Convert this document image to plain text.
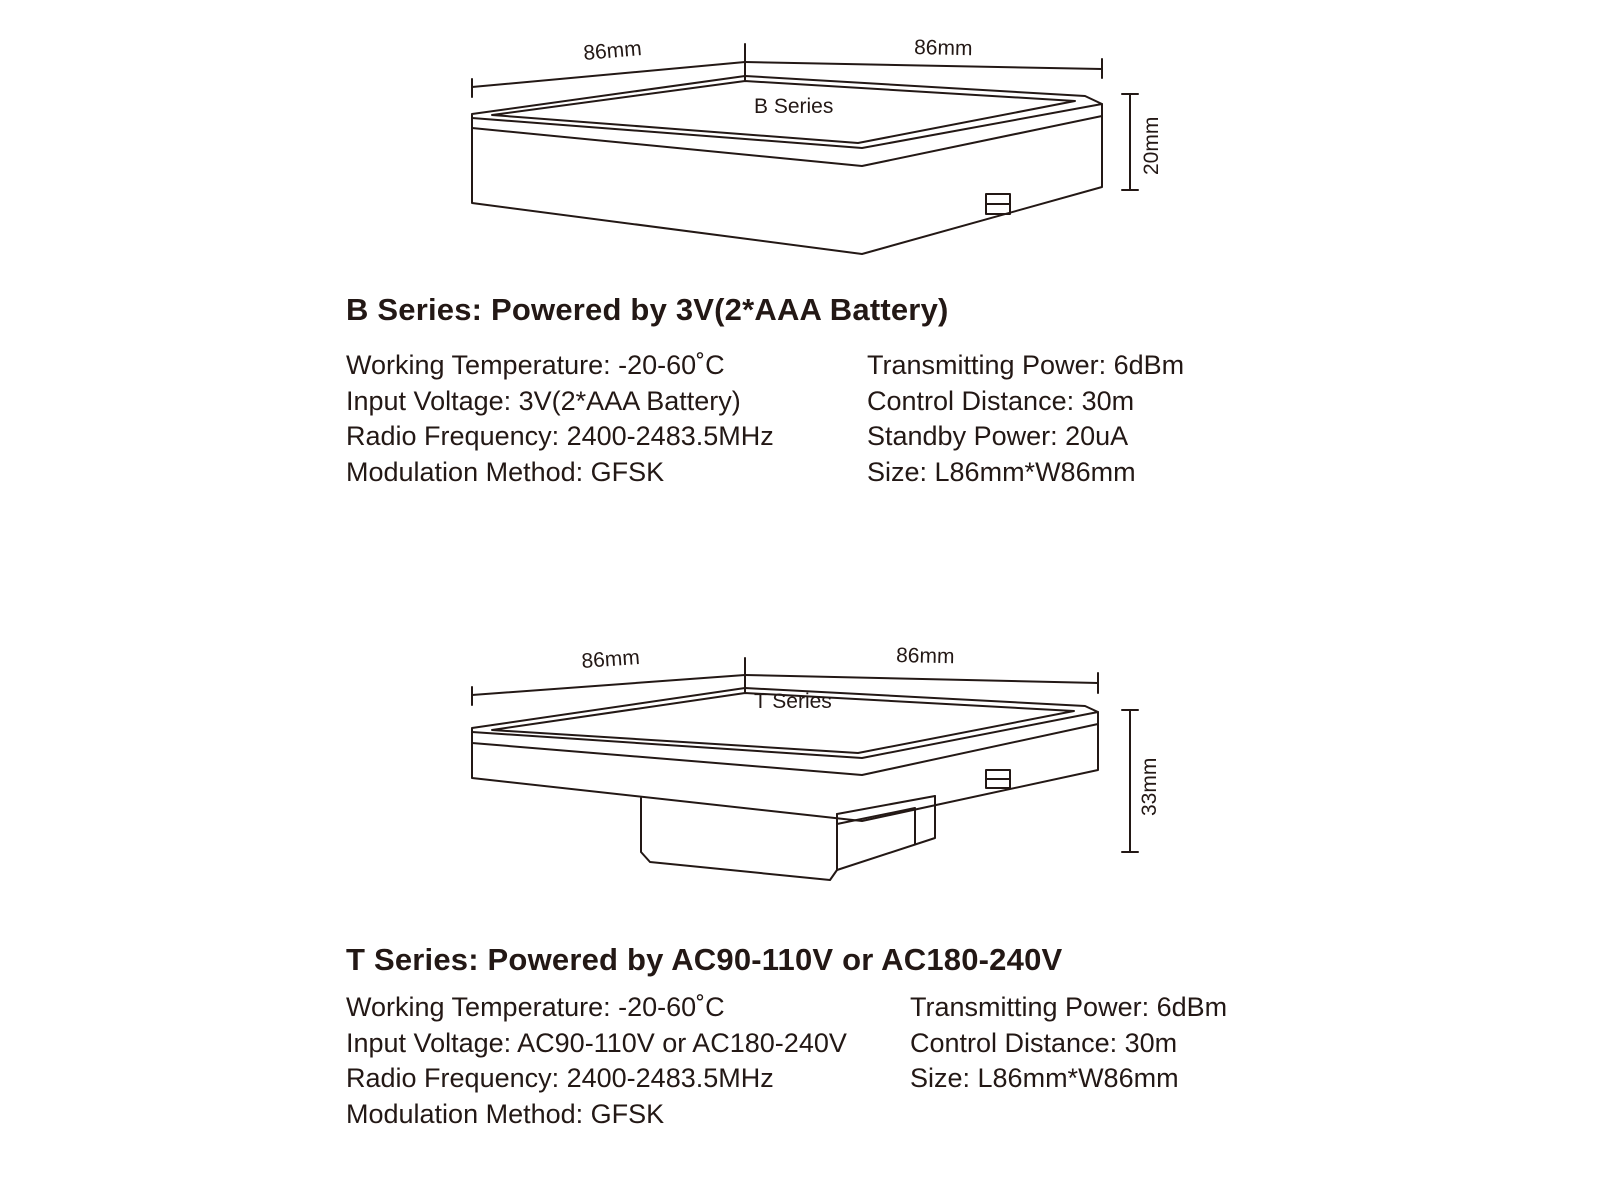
86mm	86mm
20mm
B Series
B Series: Powered by 3V(2*AAA Battery)
Working Temperature: -20-60˚C
Input Voltage: 3V(2*AAA Battery)
Radio Frequency: 2400-2483.5MHz
Modulation Method: GFSK
Transmitting Power: 6dBm
Control Distance: 30m
Standby Power: 20uA
Size: L86mm*W86mm
86mm	86mm
33mm
T Series
T Series: Powered by AC90-110V or AC180-240V
Working Temperature: -20-60˚C
Input Voltage: AC90-110V or AC180-240V
Radio Frequency: 2400-2483.5MHz
Modulation Method: GFSK
Transmitting Power: 6dBm
Control Distance: 30m
Size: L86mm*W86mm
